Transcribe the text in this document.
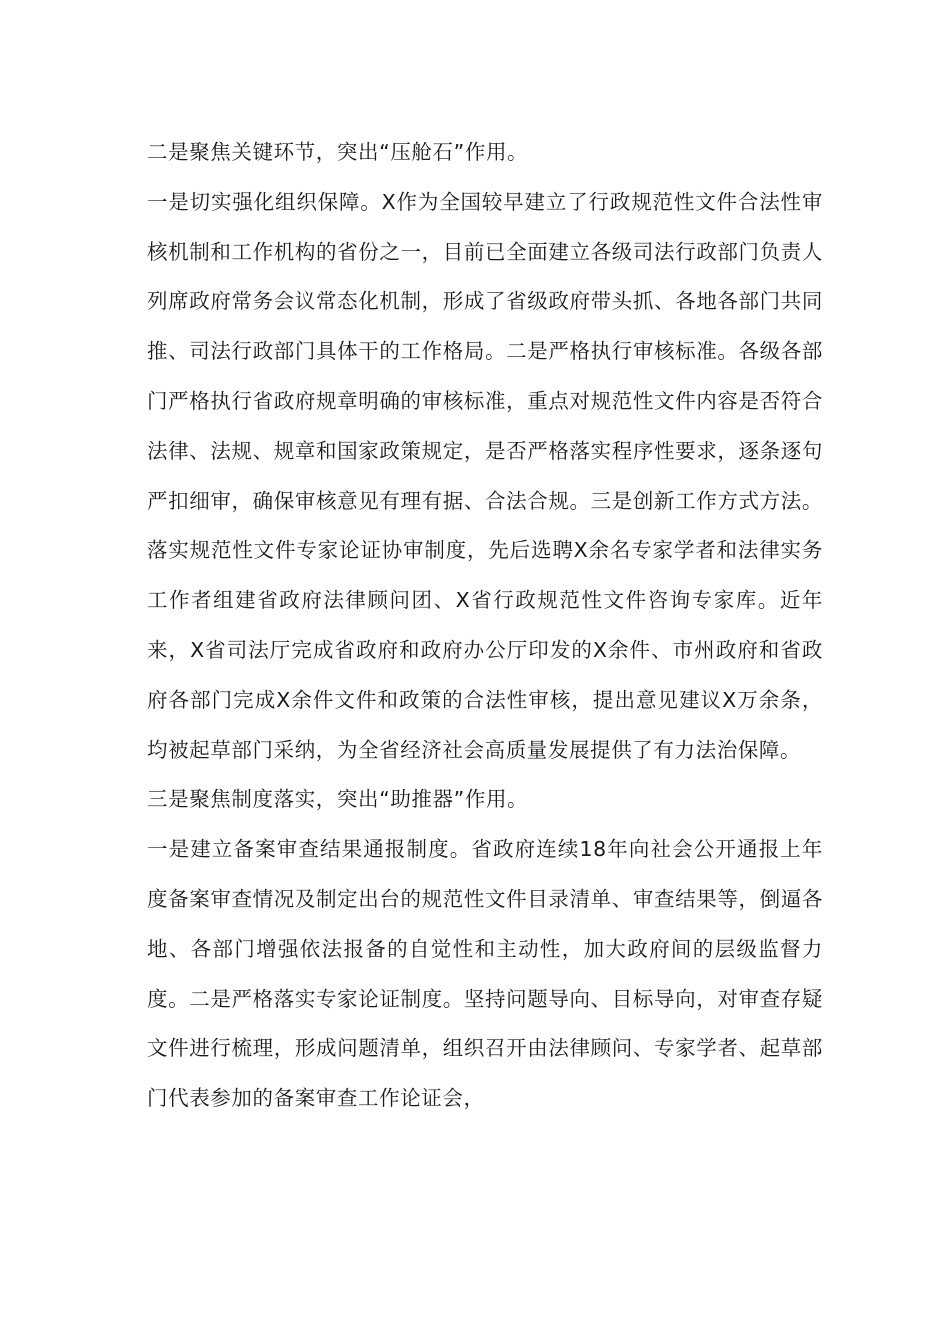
二是聚焦关键环节，突出“压舱石”作用。

一是切实强化组织保障。X作为全国较早建立了行政规范性文件合法性审核机制和工作机构的省份之一，目前已全面建立各级司法行政部门负责人列席政府常务会议常态化机制，形成了省级政府带头抓、各地各部门共同推、司法行政部门具体干的工作格局。二是严格执行审核标准。各级各部门严格执行省政府规章明确的审核标准，重点对规范性文件内容是否符合法律、法规、规章和国家政策规定，是否严格落实程序性要求，逐条逐句严扣细审，确保审核意见有理有据、合法合规。三是创新工作方式方法。落实规范性文件专家论证协审制度，先后选聘X余名专家学者和法律实务工作者组建省政府法律顾问团、X省行政规范性文件咨询专家库。近年来，X省司法厅完成省政府和政府办公厅印发的X余件、市州政府和省政府各部门完成X余件文件和政策的合法性审核，提出意见建议X万余条，均被起草部门采纳，为全省经济社会高质量发展提供了有力法治保障。

三是聚焦制度落实，突出“助推器”作用。

一是建立备案审查结果通报制度。省政府连续18年向社会公开通报上年度备案审查情况及制定出台的规范性文件目录清单、审查结果等，倒逼各地、各部门增强依法报备的自觉性和主动性，加大政府间的层级监督力度。二是严格落实专家论证制度。坚持问题导向、目标导向，对审查存疑文件进行梳理，形成问题清单，组织召开由法律顾问、专家学者、起草部门代表参加的备案审查工作论证会，
